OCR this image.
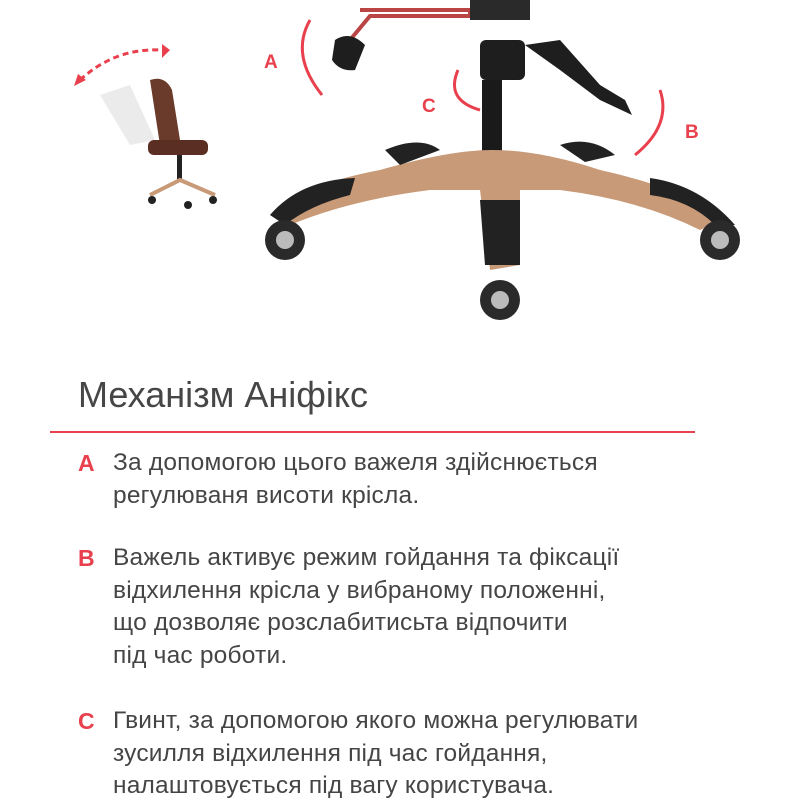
A
C
B
Механізм Аніфікс
A За допомогою цього важеля здійснюється
регулюваня висоти крісла.
B Важель активує режим гойдання та фіксації
відхилення крісла у вибраному положенні,
що дозволяє розслабитисьта відпочити
під час роботи.
C Гвинт, за допомогою якого можна регулювати
зусилля відхилення під час гойдання,
налаштовується під вагу користувача.
